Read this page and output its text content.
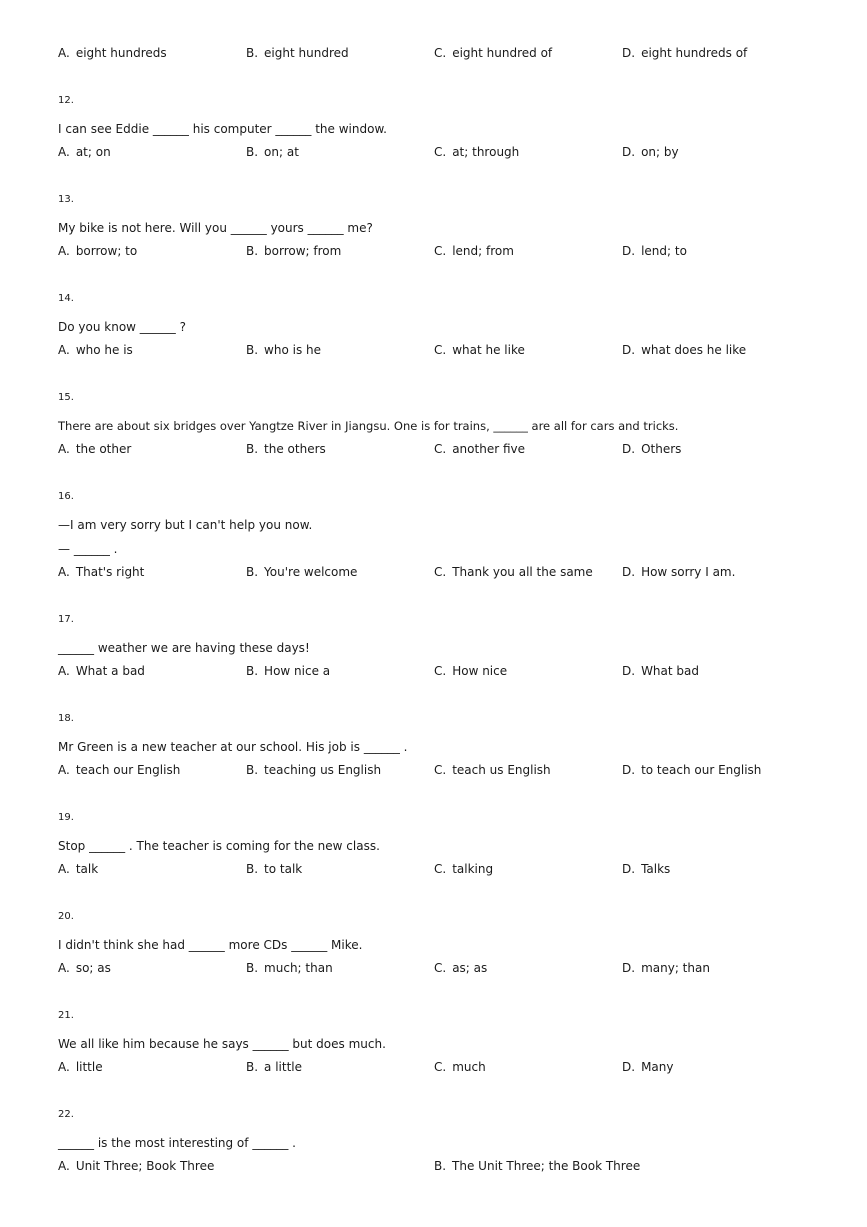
A. eight hundreds	B. eight hundred	C. eight hundred of	D. eight hundreds of
12.
I can see Eddie ______ his computer ______ the window.
A. at; on	B. on; at	C. at; through	D. on; by
13.
My bike is not here. Will you ______ yours ______ me?
A. borrow; to	B. borrow; from	C. lend; from	D. lend; to
14.
Do you know ______ ?
A. who he is	B. who is he	C. what he like	D. what does he like
15.
There are about six bridges over Yangtze River in Jiangsu. One is for trains, ______ are all for cars and tricks.
A. the other	B. the others	C. another five	D. Others
16.
—I am very sorry but I can't help you now.
— ______ .
A. That's right	B. You're welcome	C. Thank you all the same D. How sorry I am.
17.
______ weather we are having these days!
A. What a bad	B. How nice a	C. How nice	D. What bad
18.
Mr Green is a new teacher at our school. His job is ______ .
A. teach our English	B. teaching us English	C. teach us English	D. to teach our English
19.
Stop ______ . The teacher is coming for the new class.
A. talk	B. to talk	C. talking	D. Talks
20.
I didn't think she had ______ more CDs ______ Mike.
A. so; as	B. much; than	C. as; as	D. many; than
21.
We all like him because he says ______ but does much.
A. little	B. a little	C. much	D. Many
22.
______ is the most interesting of ______ .
A. Unit Three; Book Three	B. The Unit Three; the Book Three
